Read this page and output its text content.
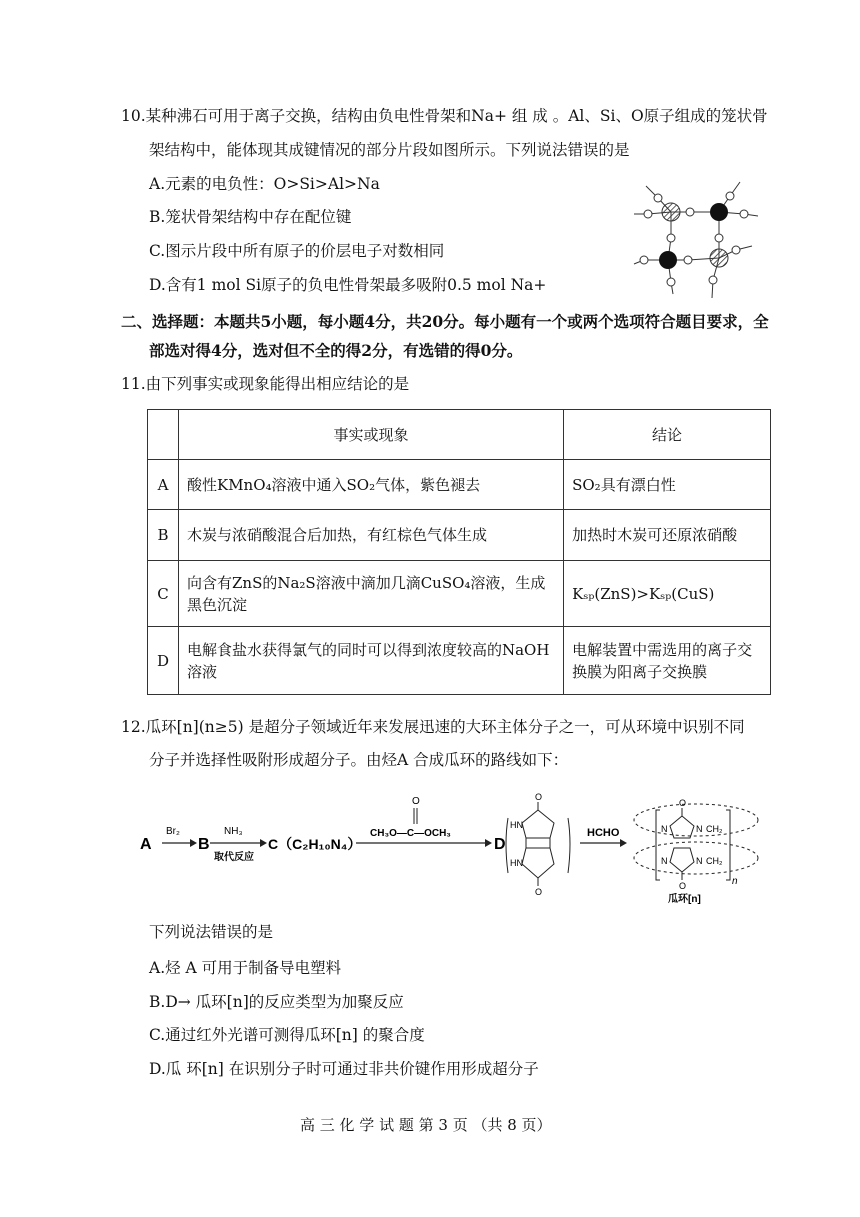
10.某种沸石可用于离子交换，结构由负电性骨架和Na+ 组 成 。Al、Si、O原子组成的笼状骨
架结构中，能体现其成键情况的部分片段如图所示。下列说法错误的是
A.元素的电负性：O>Si>Al>Na
B.笼状骨架结构中存在配位键
C.图示片段中所有原子的价层电子对数相同
D.含有1 mol Si原子的负电性骨架最多吸附0.5 mol Na+
二、选择题：本题共5小题，每小题4分，共20分。每小题有一个或两个选项符合题目要求，全
部选对得4分，选对但不全的得2分，有选错的得0分。
11.由下列事实或现象能得出相应结论的是
	事实或现象	结论
A	酸性KMnO₄溶液中通入SO₂气体，紫色褪去	SO₂具有漂白性
B	木炭与浓硝酸混合后加热，有红棕色气体生成	加热时木炭可还原浓硝酸
C	向含有ZnS的Na₂S溶液中滴加几滴CuSO₄溶液，生成黑色沉淀	Kₛₚ(ZnS)>Kₛₚ(CuS)
D	电解食盐水获得氯气的同时可以得到浓度较高的NaOH溶液	电解装置中需选用的离子交换膜为阳离子交换膜
12.瓜环[n](n≥5) 是超分子领域近年来发展迅速的大环主体分子之一，可从环境中识别不同
分子并选择性吸附形成超分子。由烃A 合成瓜环的路线如下：
A
Br₂
B
NH₃
取代反应
C（C₂H₁₀N₄）
CH₃O—C—OCH₃
O
D
O
O
HN
HN
HCHO
O
O
N
N
N
N
CH₂
CH₂
n
瓜环[n]
下列说法错误的是
A.烃 A 可用于制备导电塑料
B.D→ 瓜环[n]的反应类型为加聚反应
C.通过红外光谱可测得瓜环[n] 的聚合度
D.瓜 环[n] 在识别分子时可通过非共价键作用形成超分子
高 三 化 学 试 题 第 3 页 （共 8 页）
